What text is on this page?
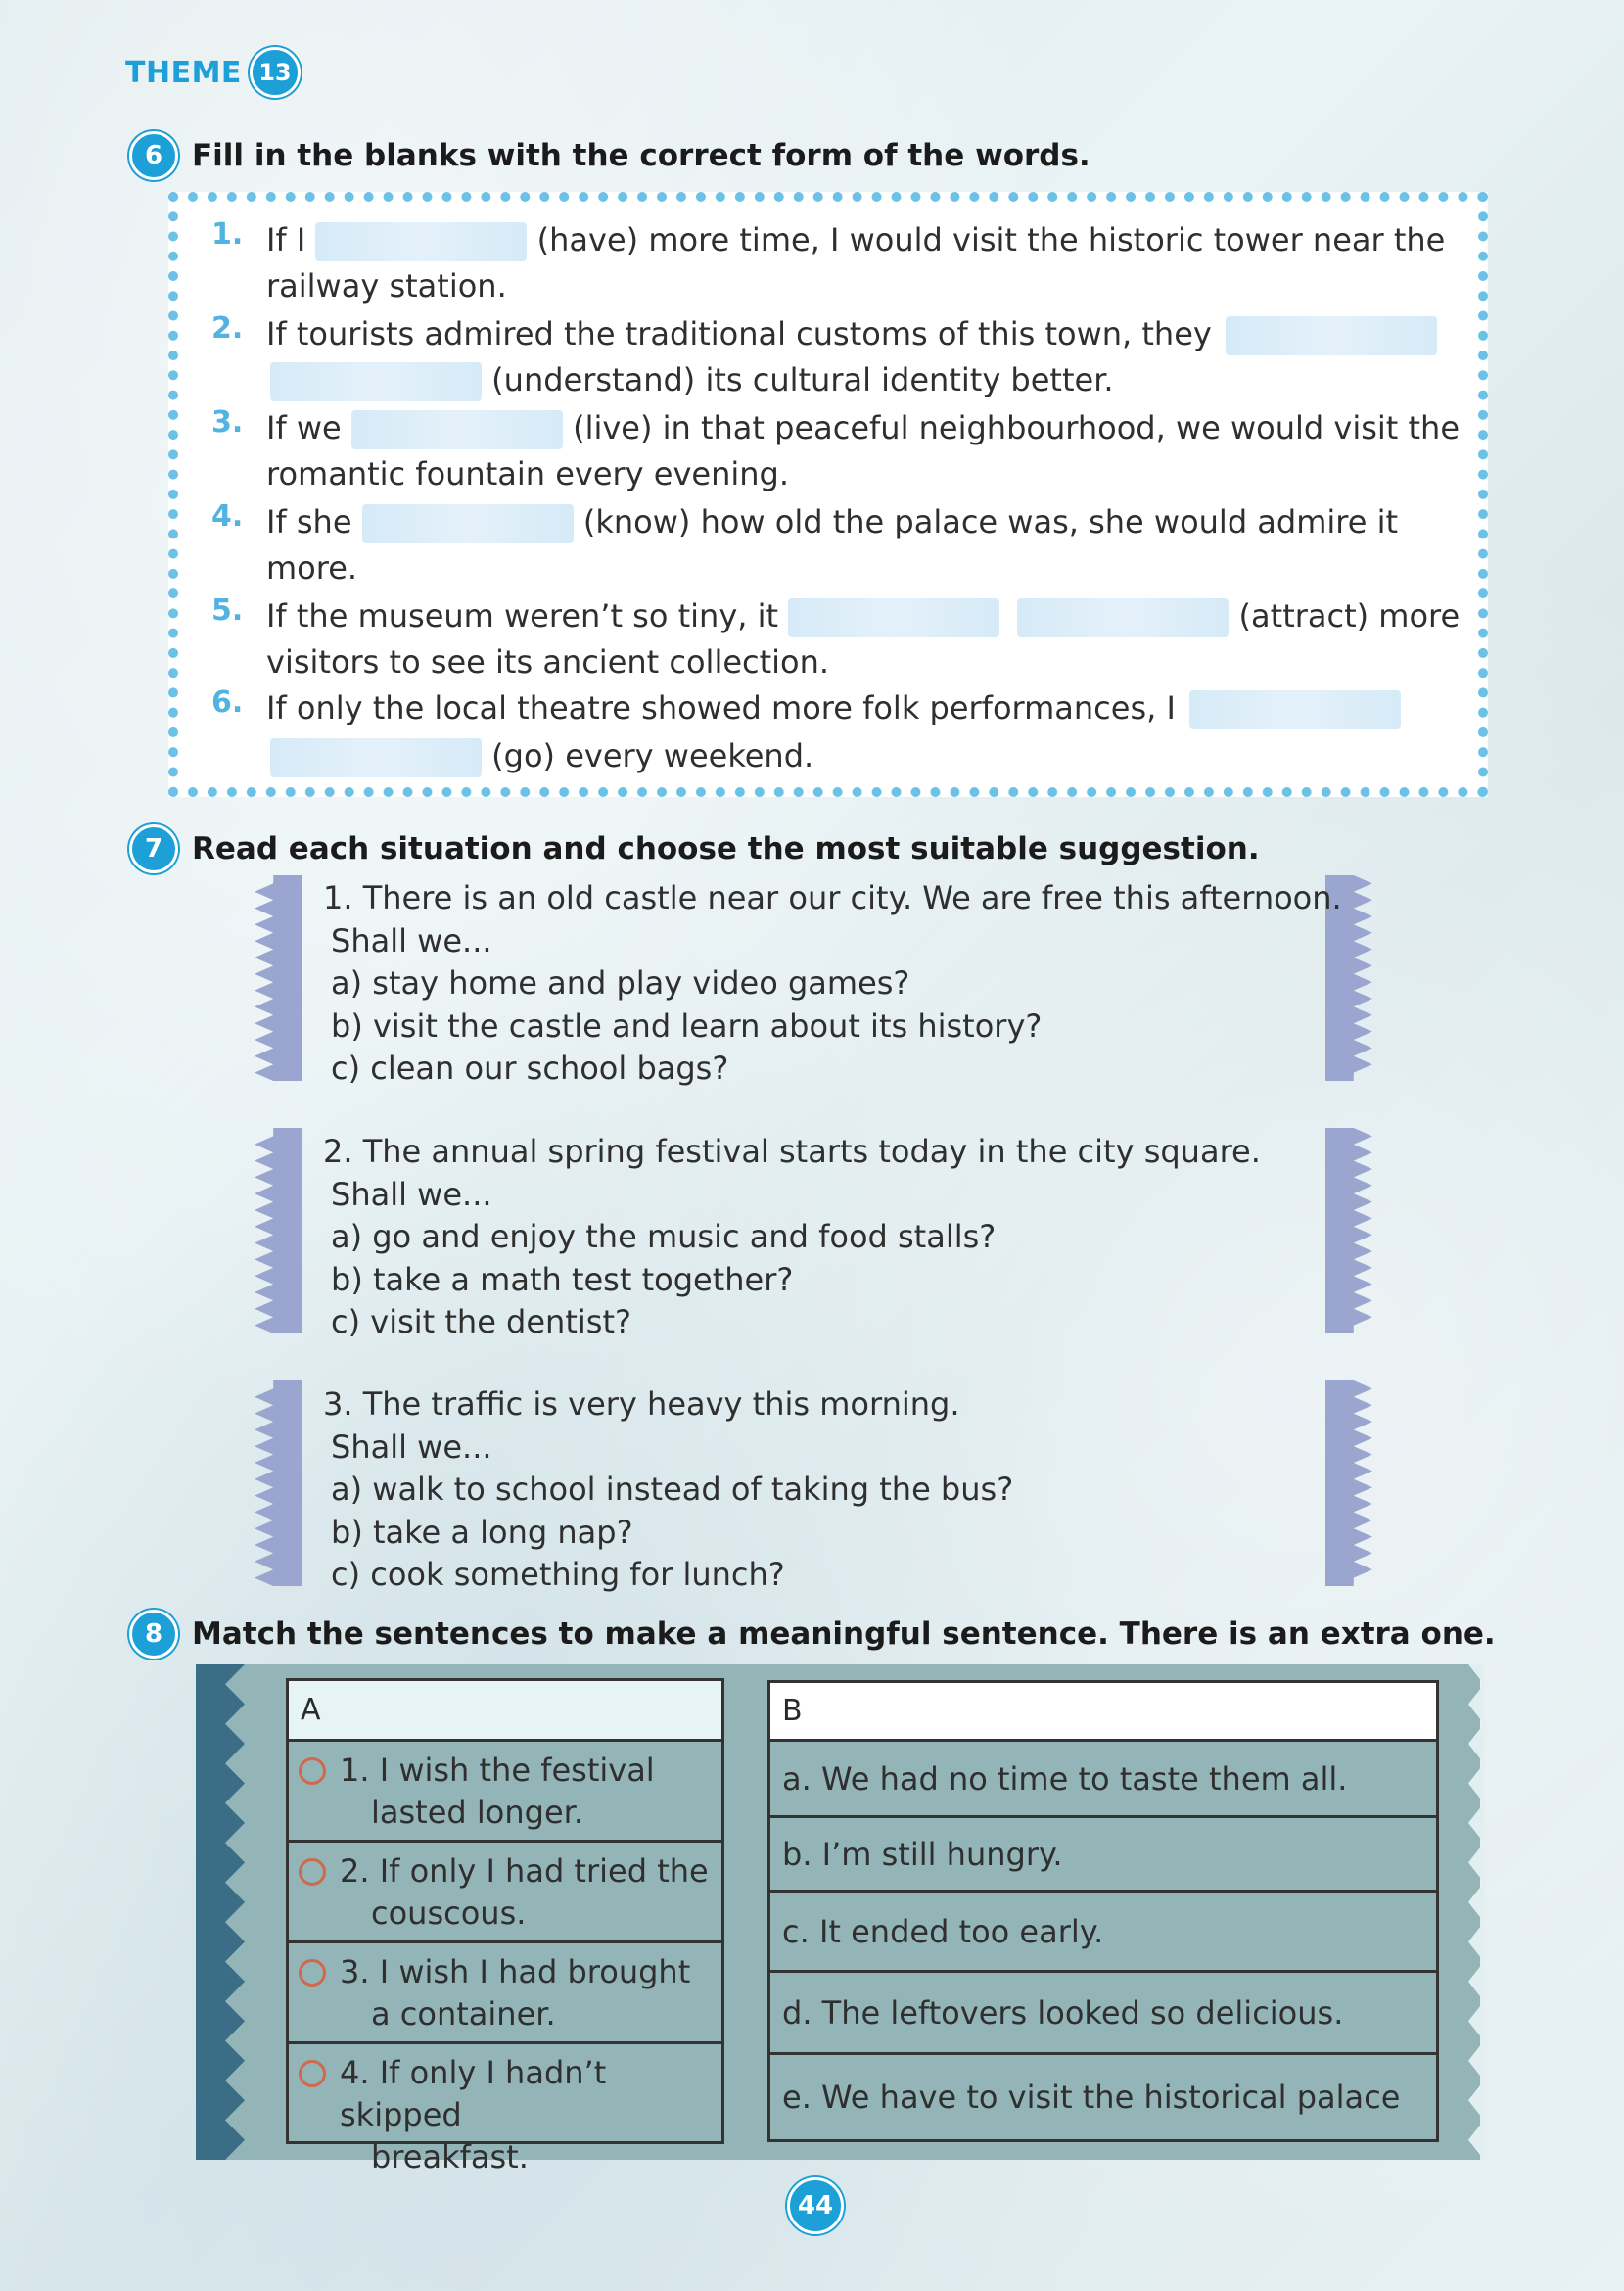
THEME 13
6 Fill in the blanks with the correct form of the words.
1. If I	(have) more time, I would visit the historic tower near the
railway station.
2. If tourists admired the traditional customs of this town, they
(understand) its cultural identity better.
3. If we	(live) in that peaceful neighbourhood, we would visit the
romantic fountain every evening.
4. If she	(know) how old the palace was, she would admire it
more.
5. If the museum weren’t so tiny, it	(attract) more
visitors to see its ancient collection.
6. If only the local theatre showed more folk performances, I
(go) every weekend.
7 Read each situation and choose the most suitable suggestion.
1. There is an old castle near our city. We are free this afternoon.
Shall we...
a) stay home and play video games?
b) visit the castle and learn about its history?
c) clean our school bags?
2. The annual spring festival starts today in the city square.
Shall we...
a) go and enjoy the music and food stalls?
b) take a math test together?
c) visit the dentist?
3. The traffic is very heavy this morning.
Shall we...
a) walk to school instead of taking the bus?
b) take a long nap?
c) cook something for lunch?
8 Match the sentences to make a meaningful sentence. There is an extra one.
A
1. I wish the festival
lasted longer.
2. If only I had tried the
couscous.
3. I wish I had brought
a container.
4. If only I hadn’t skipped
breakfast.
B
a. We had no time to taste them all.
b. I’m still hungry.
c. It ended too early.
d. The leftovers looked so delicious.
e. We have to visit the historical palace
44
